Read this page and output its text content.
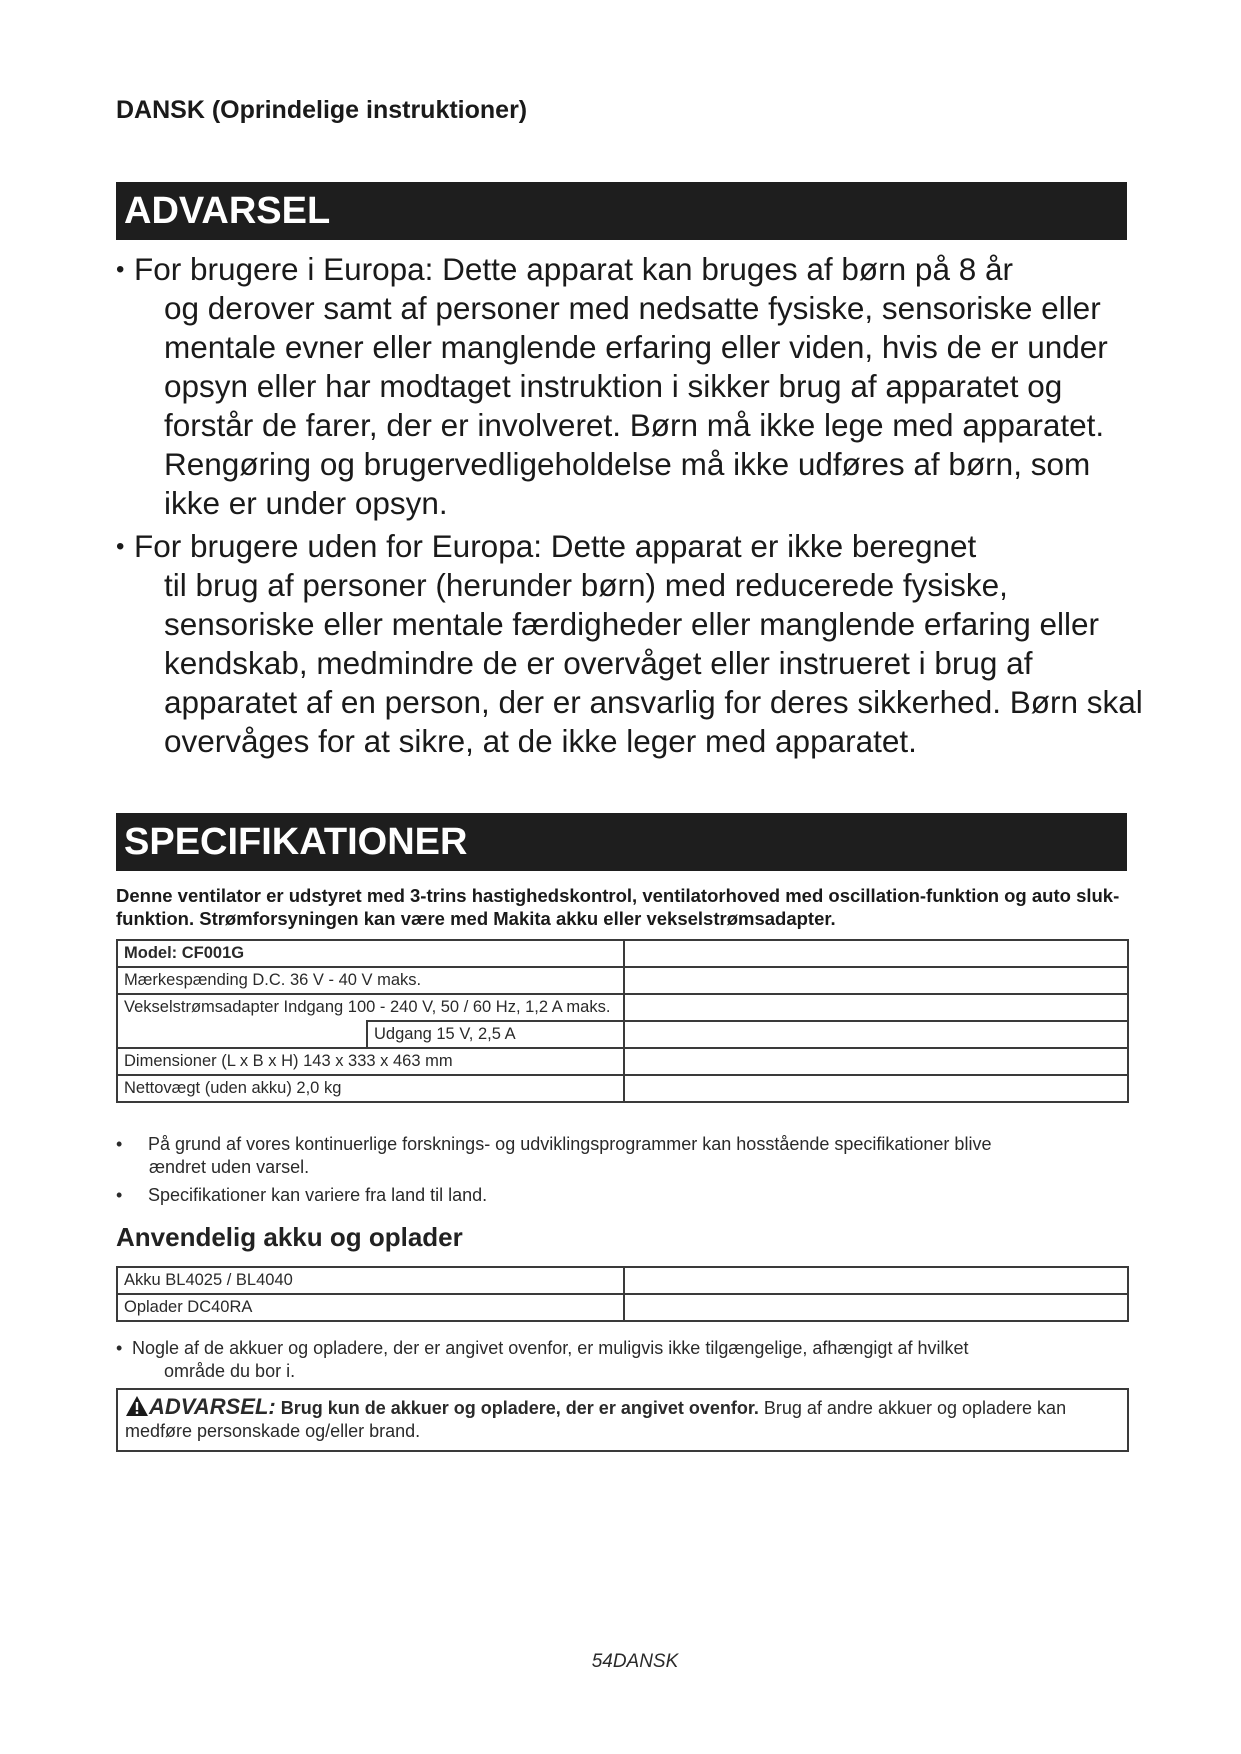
DANSK (Oprindelige instruktioner)
ADVARSEL
• For brugere i Europa: Dette apparat kan bruges af børn på 8 år
og derover samt af personer med nedsatte fysiske, sensoriske eller mentale evner eller manglende erfaring eller viden, hvis de er under opsyn eller har modtaget instruktion i sikker brug af apparatet og forstår de farer, der er involveret. Børn må ikke lege med apparatet. Rengøring og brugervedligeholdelse må ikke udføres af børn, som ikke er under opsyn.
• For brugere uden for Europa: Dette apparat er ikke beregnet
til brug af personer (herunder børn) med reducerede fysiske, sensoriske eller mentale færdigheder eller manglende erfaring eller kendskab, medmindre de er overvåget eller instrueret i brug af apparatet af en person, der er ansvarlig for deres sikkerhed. Børn skal overvåges for at sikre, at de ikke leger med apparatet.
SPECIFIKATIONER
Denne ventilator er udstyret med 3-trins hastighedskontrol, ventilatorhoved med oscillation-funktion og auto sluk-funktion. Strømforsyningen kan være med Makita akku eller vekselstrømsadapter.
Model: CF001G		
Mærkespænding D.C. 36 V - 40 V maks.		
Vekselstrømsadapter Indgang 100 - 240 V, 50 / 60 Hz, 1,2 A maks.		
	Udgang 15 V, 2,5 A	
Dimensioner (L x B x H) 143 x 333 x 463 mm		
Nettovægt (uden akku) 2,0 kg		
• På grund af vores kontinuerlige forsknings- og udviklingsprogrammer kan hosstående specifikationer blive
ændret uden varsel.
• Specifikationer kan variere fra land til land.
Anvendelig akku og oplader
Akku BL4025 / BL4040	
Oplader DC40RA	
• Nogle af de akkuer og opladere, der er angivet ovenfor, er muligvis ikke tilgængelige, afhængigt af hvilket
område du bor i.
ADVARSEL: Brug kun de akkuer og opladere, der er angivet ovenfor. Brug af andre akkuer og opladere kan medføre personskade og/eller brand.
54DANSK
